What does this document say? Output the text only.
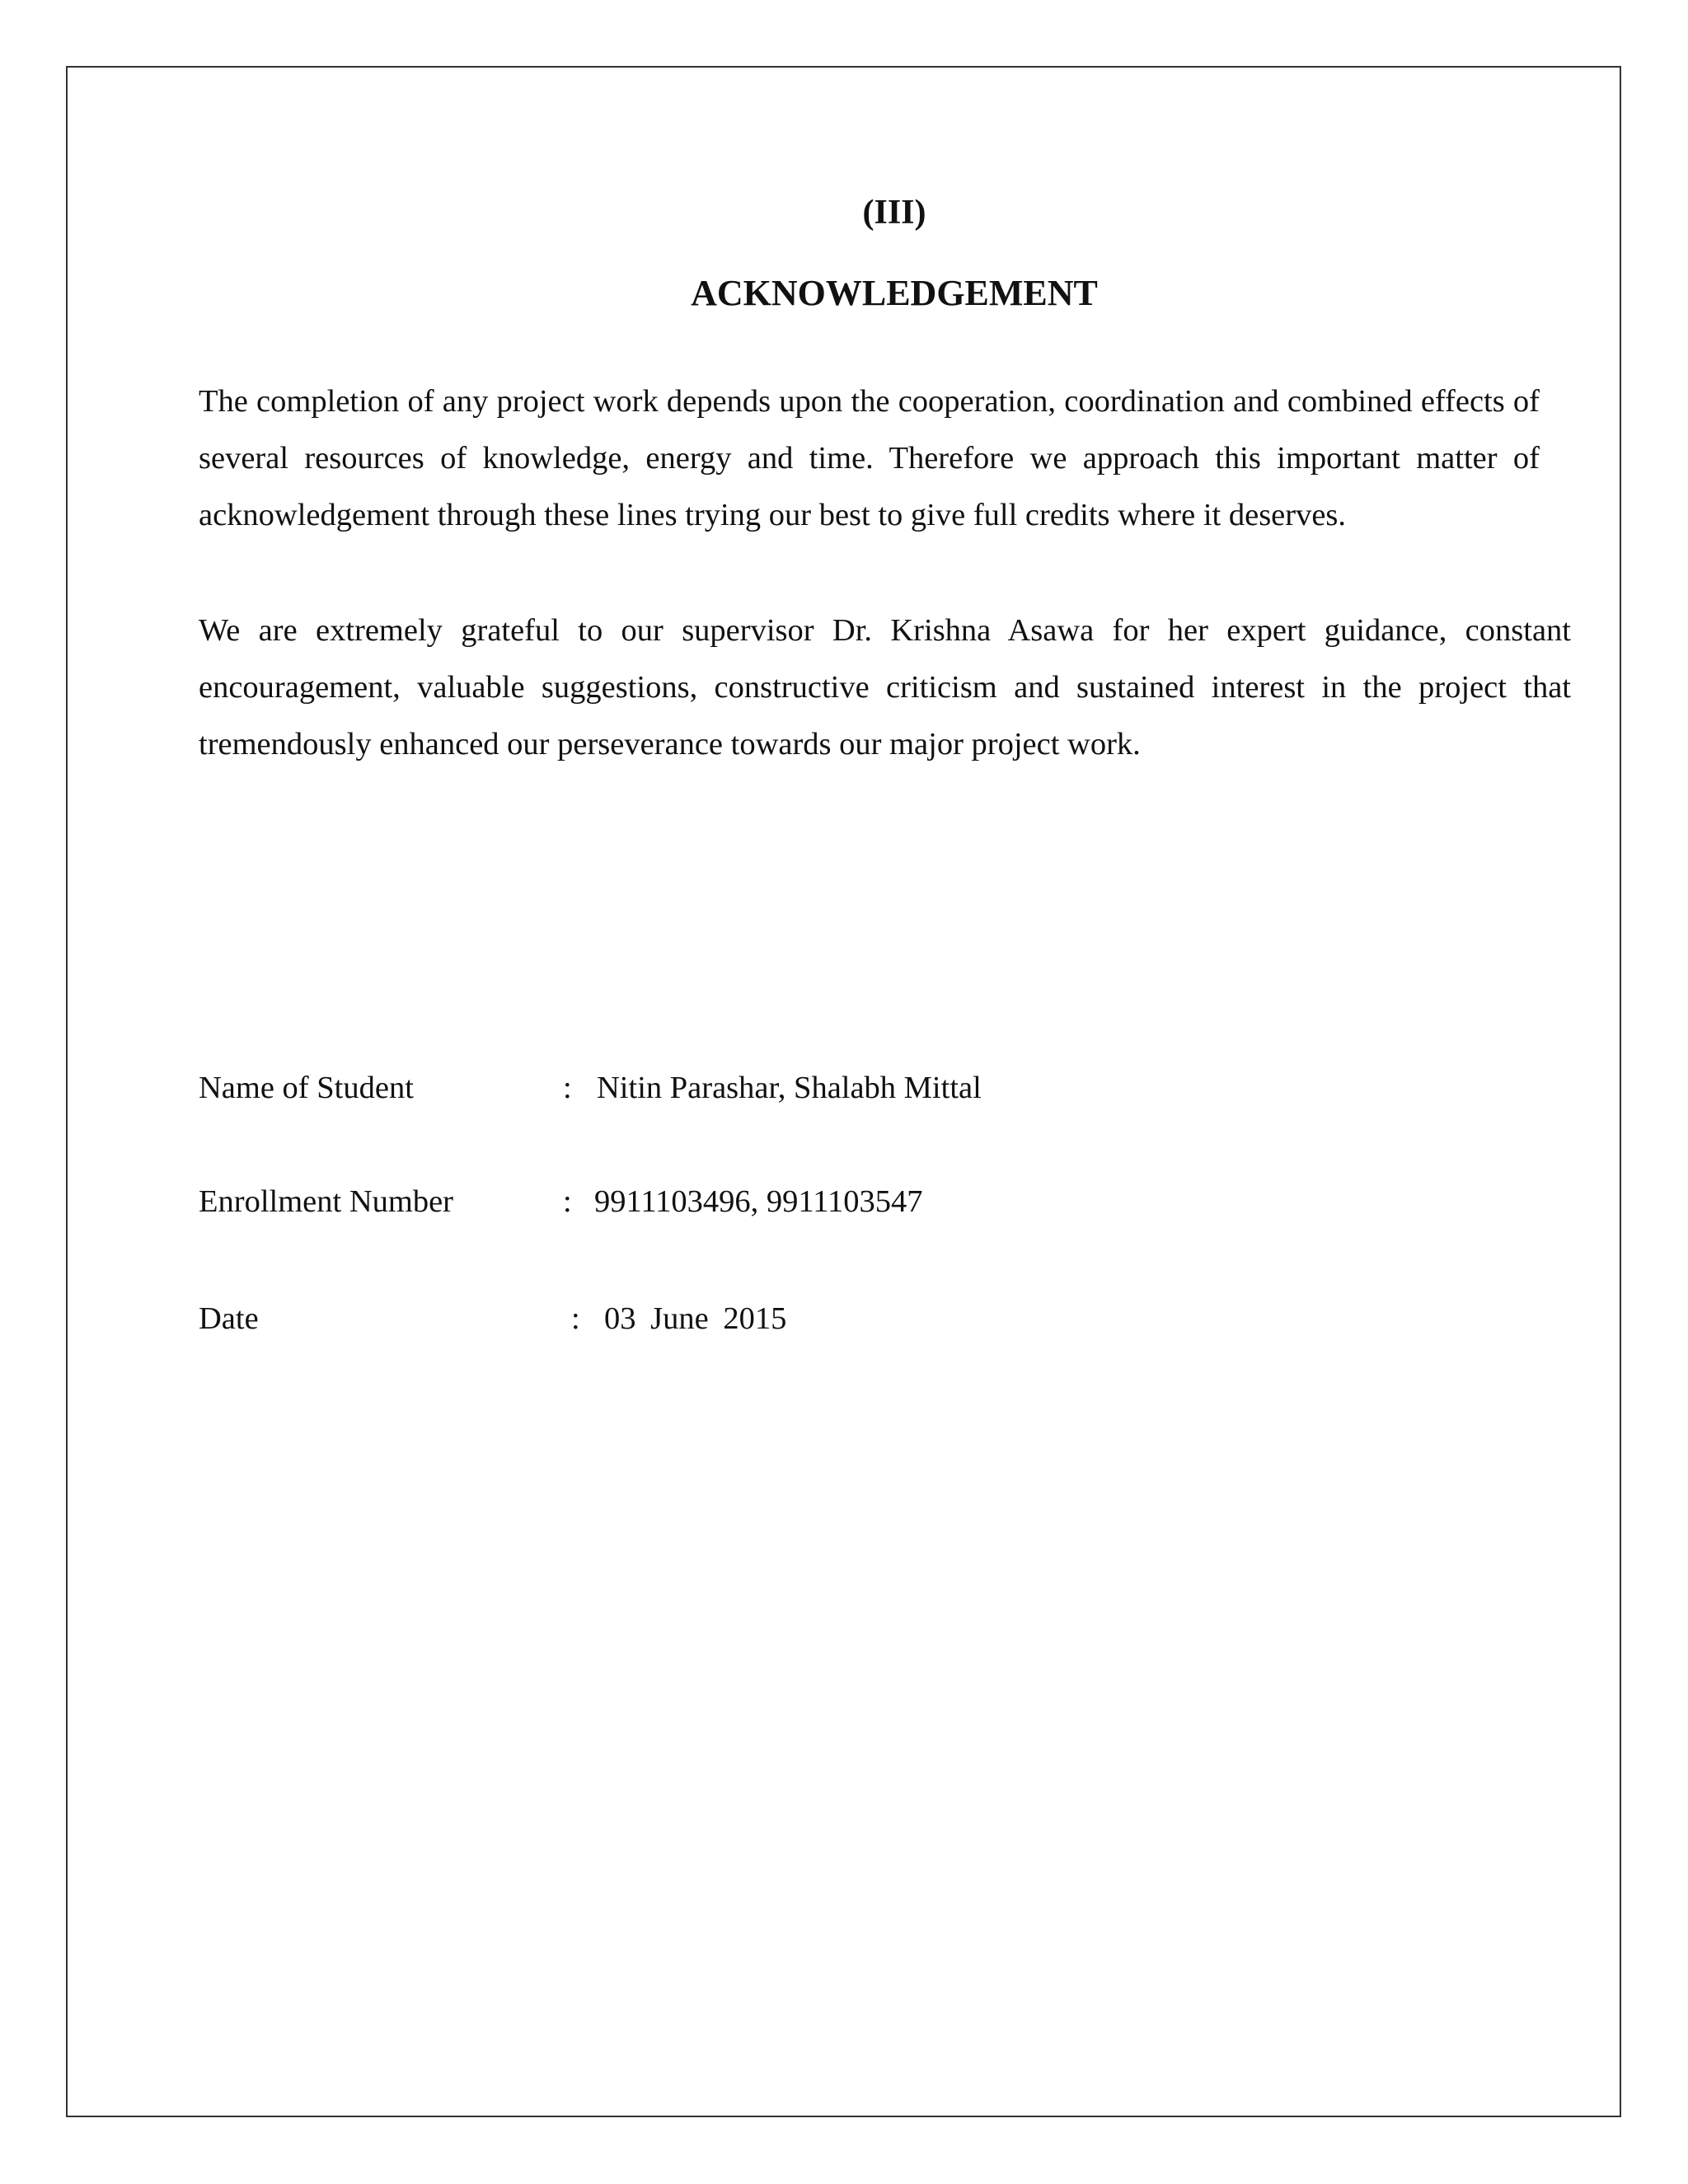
(III)
ACKNOWLEDGEMENT

The completion of any project work depends upon the cooperation, coordination and combined effects of several resources of knowledge, energy and time. Therefore we approach this important matter of acknowledgement through these lines trying our best to give full credits where it deserves.

We are extremely grateful to our supervisor Dr. Krishna Asawa for her expert guidance, constant encouragement, valuable suggestions, constructive criticism and sustained interest in the project that tremendously enhanced our perseverance towards our major project work.

Name of Student	: Nitin Parashar, Shalabh Mittal
Enrollment Number	: 9911103496, 9911103547
Date	: 03 June 2015
